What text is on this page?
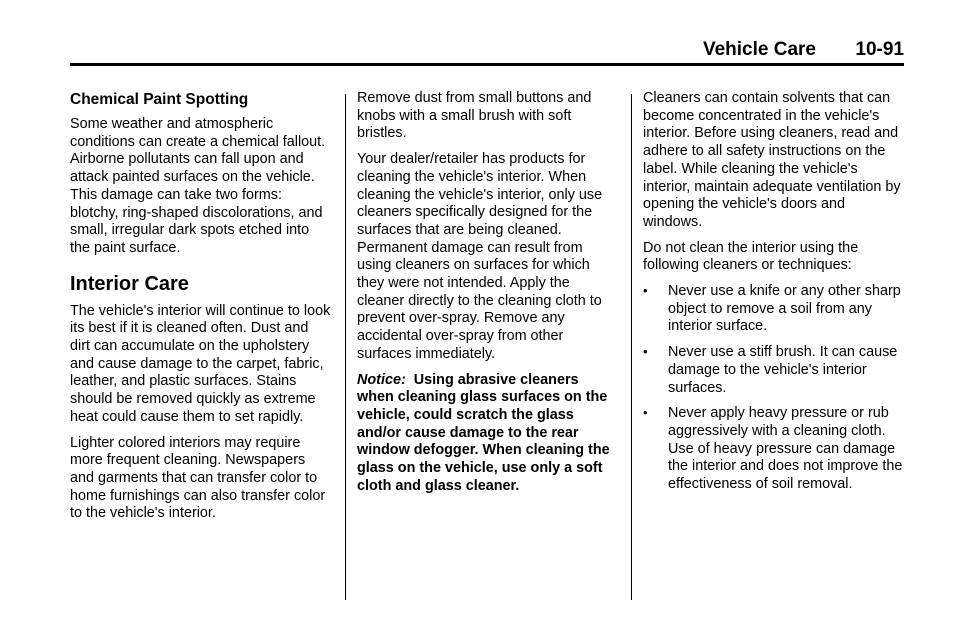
Vehicle Care 10-91
Chemical Paint Spotting

Some weather and atmospheric conditions can create a chemical fallout. Airborne pollutants can fall upon and attack painted surfaces on the vehicle. This damage can take two forms: blotchy, ring-shaped discolorations, and small, irregular dark spots etched into the paint surface.

Interior Care

The vehicle's interior will continue to look its best if it is cleaned often. Dust and dirt can accumulate on the upholstery and cause damage to the carpet, fabric, leather, and plastic surfaces. Stains should be removed quickly as extreme heat could cause them to set rapidly.

Lighter colored interiors may require more frequent cleaning. Newspapers and garments that can transfer color to home furnishings can also transfer color to the vehicle's interior.

Remove dust from small buttons and knobs with a small brush with soft bristles.

Your dealer/retailer has products for cleaning the vehicle's interior. When cleaning the vehicle's interior, only use cleaners specifically designed for the surfaces that are being cleaned. Permanent damage can result from using cleaners on surfaces for which they were not intended. Apply the cleaner directly to the cleaning cloth to prevent over-spray. Remove any accidental over-spray from other surfaces immediately.

Notice: Using abrasive cleaners when cleaning glass surfaces on the vehicle, could scratch the glass and/or cause damage to the rear window defogger. When cleaning the glass on the vehicle, use only a soft cloth and glass cleaner.

Cleaners can contain solvents that can become concentrated in the vehicle's interior. Before using cleaners, read and adhere to all safety instructions on the label. While cleaning the vehicle's interior, maintain adequate ventilation by opening the vehicle's doors and windows.

Do not clean the interior using the following cleaners or techniques:

• Never use a knife or any other sharp object to remove a soil from any interior surface.
• Never use a stiff brush. It can cause damage to the vehicle's interior surfaces.
• Never apply heavy pressure or rub aggressively with a cleaning cloth. Use of heavy pressure can damage the interior and does not improve the effectiveness of soil removal.
